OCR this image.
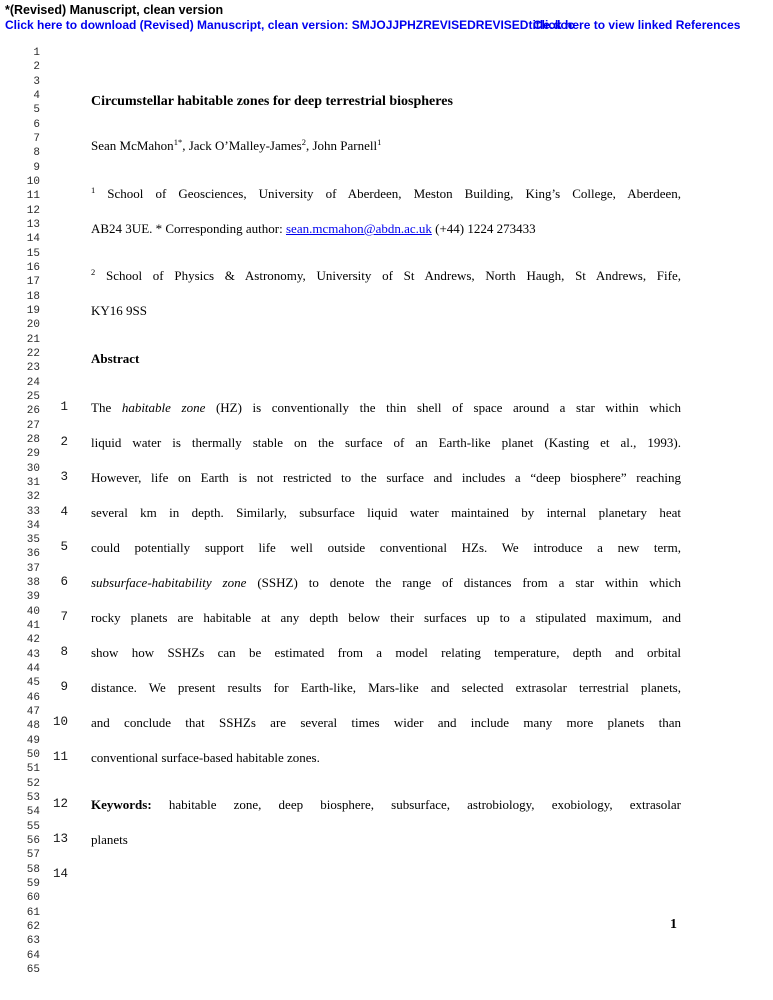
*(Revised) Manuscript, clean version
Click here to download (Revised) Manuscript, clean version: SMJOJJPHZREVISEDREVISEDtitle.doc
Click here to view linked References
1
2
3
4
5
6
7
8
9
10
11
12
13
14
15
16
17
18
19
20
21
22
23
24
25
26
27
28
29
30
31
32
33
34
35
36
37
38
39
40
41
42
43
44
45
46
47
48
49
50
51
52
53
54
55
56
57
58
59
60
61
62
63
64
65
Circumstellar habitable zones for deep terrestrial biospheres
Sean McMahon$^{1*}$, Jack O’Malley-James$^2$, John Parnell$^1$
$^1$ School of Geosciences, University of Aberdeen, Meston Building, King’s College, Aberdeen,
AB24 3UE. * Corresponding author: sean.mcmahon@abdn.ac.uk (+44) 1224 273433
$^2$ School of Physics & Astronomy, University of St Andrews, North Haugh, St Andrews, Fife,
KY16 9SS
Abstract
1 The habitable zone (HZ) is conventionally the thin shell of space around a star within which
2 liquid water is thermally stable on the surface of an Earth-like planet (Kasting et al., 1993).
3 However, life on Earth is not restricted to the surface and includes a “deep biosphere” reaching
4 several km in depth. Similarly, subsurface liquid water maintained by internal planetary heat
5 could potentially support life well outside conventional HZs. We introduce a new term,
6 subsurface-habitability zone (SSHZ) to denote the range of distances from a star within which
7 rocky planets are habitable at any depth below their surfaces up to a stipulated maximum, and
8 show how SSHZs can be estimated from a model relating temperature, depth and orbital
9 distance. We present results for Earth-like, Mars-like and selected extrasolar terrestrial planets,
10 and conclude that SSHZs are several times wider and include many more planets than
11 conventional surface-based habitable zones.
12 Keywords: habitable zone, deep biosphere, subsurface, astrobiology, exobiology, extrasolar
13 planets
14
1
